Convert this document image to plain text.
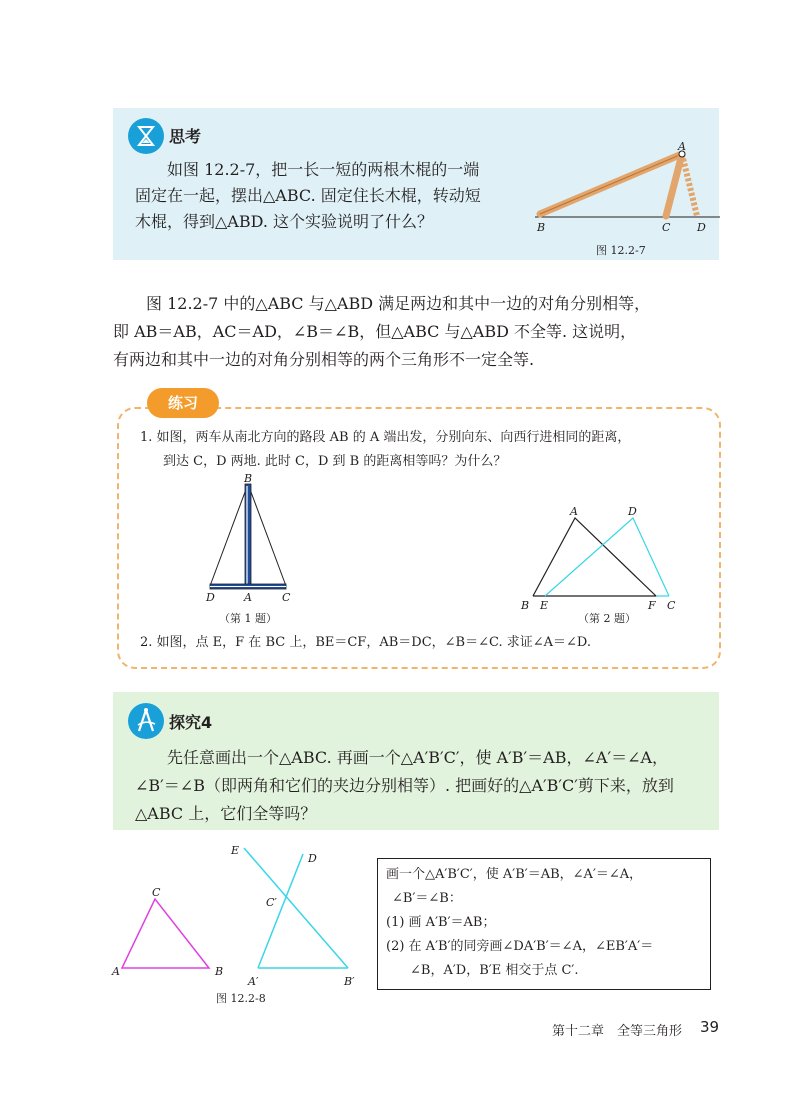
思考
如图 12.2-7，把一长一短的两根木棍的一端
固定在一起，摆出△ABC. 固定住长木棍，转动短
木棍，得到△ABD. 这个实验说明了什么？
A
B	C D
图 12.2-7
图 12.2-7 中的△ABC 与△ABD 满足两边和其中一边的对角分别相等，
即 AB＝AB，AC＝AD，∠B＝∠B，但△ABC 与△ABD 不全等. 这说明，
有两边和其中一边的对角分别相等的两个三角形不一定全等.
练习
1. 如图，两车从南北方向的路段 AB 的 A 端出发，分别向东、向西行进相同的距离，
到达 C，D 两地. 此时 C，D 到 B 的距离相等吗？为什么？
B
D	A	C
（第 1 题）
A	D
B E	F C
（第 2 题）
2. 如图，点 E，F 在 BC 上，BE＝CF，AB＝DC，∠B＝∠C. 求证∠A＝∠D.
探究4
先任意画出一个△ABC. 再画一个△A′B′C′，使 A′B′＝AB，∠A′＝∠A，
∠B′＝∠B（即两角和它们的夹边分别相等）. 把画好的△A′B′C′剪下来，放到
△ABC 上，它们全等吗？
A	B
C
E
D
C′
A′	B′
图 12.2-8
画一个△A′B′C′，使 A′B′＝AB，∠A′＝∠A，
∠B′＝∠B：
(1) 画 A′B′＝AB；
(2) 在 A′B′的同旁画∠DA′B′＝∠A，∠EB′A′＝
∠B，A′D，B′E 相交于点 C′.
第十二章　全等三角形 39
